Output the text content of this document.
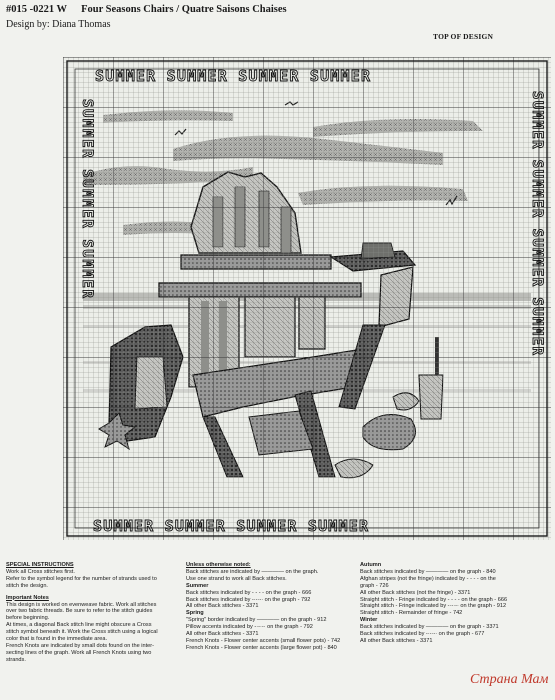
#015 -0221 W Four Seasons Chairs / Quatre Saisons Chaises
Design by: Diana Thomas
TOP OF DESIGN
SUMMER SUMMER SUMMER SUMMER
SUMMER SUMMER SUMMER SUMMER
SUMMER SUMMER SUMMER	SUMMER SUMMER SUMMER SUMMER
SPECIAL INSTRUCTIONS
Work all Cross stitches first.
Refer to the symbol legend for the number of strands used to
stitch the design.
Important Notes
This design is worked on evenweave fabric. Work all stitches
over two fabric threads. Be sure to refer to the stitch guides
before beginning.
At times, a diagonal Back stitch line might obscure a Cross
stitch symbol beneath it. Work the Cross stitch using a logical
color that is found in the immediate area.
French Knots are indicated by small dots found on the inter-
secting lines of the graph. Work all French Knots using two
strands.
Unless otherwise noted:
Back stitches are indicated by ———— on the graph.
Use one strand to work all Back stitches.
Summer
Back stitches indicated by - - - - on the graph - 666
Back stitches indicated by -·-·-· on the graph - 792
All other Back stitches - 3371
Spring
"Spring" border indicated by ———— on the graph - 912
Pillow accents indicated by -·-·-· on the graph - 792
All other Back stitches - 3371
French Knots - Flower center accents (small flower pots) - 742
French Knots - Flower center accents (large flower pot) - 840
Autumn
Back stitches indicated by ———— on the graph - 840
Afghan stripes (not the fringe) indicated by - - - - on the
graph - 726
All other Back stitches (not the fringe) - 3371
Straight stitch - Fringe indicated by - - - - on the graph - 666
Straight stitch - Fringe indicated by -·-·-· on the graph - 912
Straight stitch - Remainder of fringe - 742
Winter
Back stitches indicated by ———— on the graph - 3371
Back stitches indicated by -·-·-· on the graph - 677
All other Back stitches - 3371
Страна Мам
